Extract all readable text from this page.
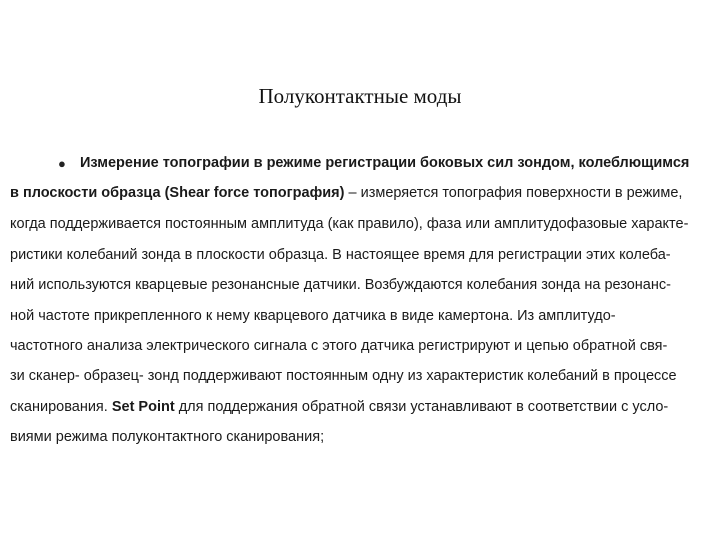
Полуконтактные моды
● Измерение топографии в режиме регистрации боковых сил зондом, колеблющимся
в плоскости образца (Shear force топография) – измеряется топография поверхности в режиме,
когда поддерживается постоянным амплитуда (как правило), фаза или амплитудофазовые характе-
ристики колебаний зонда в плоскости образца. В настоящее время для регистрации этих колеба-
ний используются кварцевые резонансные датчики. Возбуждаются колебания зонда на резонанс-
ной частоте прикрепленного к нему кварцевого датчика в виде камертона. Из амплитудо-
частотного анализа электрического сигнала с этого датчика регистрируют и цепью обратной свя-
зи сканер- образец- зонд поддерживают постоянным одну из характеристик колебаний в процессе
сканирования. Set Point для поддержания обратной связи устанавливают в соответствии с усло-
виями режима полуконтактного сканирования;
